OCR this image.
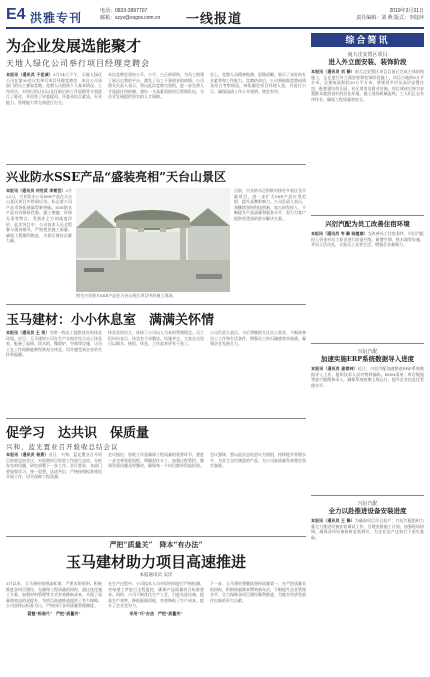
E4 洪雅专刊	电话：0833-3897707
邮箱：szyx@sxgov.com.cn 一线报道
2019年3月31日
责任编辑：刘 燕 版式：李陆萍
为企业发展选能聚才
天地人绿化公司举行项目经理竞聘会
本报讯（通讯员 干佳诚）3月14日下午，天地人绿化公司在第30会议室举行项目经理竞聘会，来自公司各部门的员工参加竞聘。竞聘人员围绕个人基本情况、工作经历、对岗位的认识以及任职后的工作思路等方面进行了陈述，并回答了评委提问。评委从综合素质、专业能力、管理能力等方面进行打分。
本次竞聘会坚持公开、公平、公正的原则，为员工搭建了展示自我的平台，激发了员工干事创业的热情。公司相关负责人表示，将以此次竞聘为契机，进一步完善人才选拔任用机制，建设一支高素质的项目管理队伍，为企业发展提供坚实的人才保障。
会上，竞聘人员精神饱满、思路清晰，展示了良好的专业素养和工作能力。竞聘结束后，公司将根据竞聘成绩及综合考察情况，择优确定项目经理人选，并进行公示，确保选拔工作公开透明、规范有序。
兴业防水SSE产品“盛装亮相”天台山景区
本报讯（通讯员 何世武 李雪芸）3月22日，兴业防水公司SSE产品在天台山景区项目中得到应用，标志着公司产品市场拓展取得新突破。SSE防水产品具有耐候性强、施工便捷、环保无毒等特点，受到业主方的高度评价。此次项目中，公司技术人员全程参与现场指导，严格把控施工质量，确保工程顺利推进，为景区建设贡献力量。
目前，兴业防水正积极对接更多景区及市政项目，进一步扩大SSE产品应用范围，提升品牌影响力。公司负责人表示，将继续坚持科技创新，加大研发投入，不断提升产品质量和服务水平，努力为客户提供更优质的防水解决方案。
图为兴业防水SSE产品在天台山景区项目中的施工现场。
玉马建材：小小休息室　满满关怀情
本报讯（通讯员 王 英）为给一线员工提供良好的休息环境，近日，玉马建材公司在生产车间旁设立员工休息室，配备了桌椅、饮水机、微波炉、空调等设施，让员工在工作间隙能够得到充分休息，切实感受到企业的关怀和温暖。
休息室的设立，体现了公司以人为本的管理理念。员工们纷纷表示，休息室干净整洁、设施齐全，大家在这里可以喝水、热饭、休息，工作起来更有干劲了。
公司负责人表示，今后将继续关注员工需求，不断改善员工工作和生活条件，增强员工的归属感和幸福感，凝聚企业发展合力。
促学习　达共识　保质量
兴和、蓝光置业召开验收总结会议
本报讯（通讯员 杨燕）近日，兴和、蓝光置业召开项目验收总结会议，对前期项目验收工作进行总结，分析存在的问题，研究部署下一步工作。会议要求，各部门要加强学习，统一思想，达成共识，严格按照标准规范开展工作，切实保障工程质量。
会议指出，验收工作是确保工程质量的重要环节，要进一步完善验收流程，明确责任分工，加强过程管控，做到发现问题及时整改，确保每一个项目都经得起检验。
会议强调，要以此次总结会议为契机，持续提升管理水平，为业主交付满意的产品，为公司高质量发展奠定坚实基础。
严把“质量关”　降本“有办法”
玉马建材助力项目高速推进
本报通讯员 吴洋
3月以来，玉马建材按照高标准、严要求的原则，积极推进各项目建设，在确保工程质量的同时，通过优化施工方案、加强材料管理等方式有效降低成本，实现了质量和效益的双提升，为项目高速推进提供了有力保障。公司坚持以标准为尺，严格执行各项质量管理制度。
紧握“标准尺”　严把“质量关”
在生产过程中，公司技术人员对原材料进行严格检测，对每道工序进行全程监控，确保产品质量符合标准要求。同时，公司不断优化生产工艺，引进先进设备，提高生产效率，降低能源消耗，有效降低了生产成本，提升了企业竞争力。
采用“巧”办法　严把“质量关”
下一步，玉马建材将继续坚持质量第一，在严把质量关的同时，积极探索降本增效新办法，不断提升企业管理水平，全力保障各项目建设顺利推进，为地方经济发展作出新的更大贡献。
综合简讯
南大洼安置区项目
进入外立面安装、装饰阶段
本报讯（通讯员 刘 静）南大洼安置区项目目前已完成主体结构施工，正在进行外立面安装和装饰阶段施工。项目占地约8万平方米，总建筑面积约20万平方米，将建设多层及高层安置住房，配套建设幼儿园、社区用房及商业设施。项目建成后将为安置群众提供良好的居住环境。施工现场机械轰鸣，工人们正在有序作业，确保工程质量和安全。
兴衍汽配为员工改善住宿环境
本报讯（通讯员 韦 静 陈植春）为改善员工住宿条件，兴衍汽配投入资金对员工宿舍进行改造升级，新增空调、热水器等设施，并设立活动室，丰富员工业余生活，增强企业凝聚力。
兴衍汽配
加速实施ERP系统数据导入进度
本报讯（通讯员 姜春林）近日，兴衍汽配加速推进ERP系统数据导入工作，组织技术人员对物料编码、BOM清单、库存数据等进行梳理和录入，确保系统按期上线运行，提升企业信息化管理水平。
兴衍汽配
全力以赴推进设备安装进度
本报讯（通讯员 王 静）为确保项目早日投产，兴衍汽配组织力量全力推进设备安装调试工作，合理安排施工计划，加强现场协调，确保各项设备按时安装到位，为企业达产达效打下坚实基础。
